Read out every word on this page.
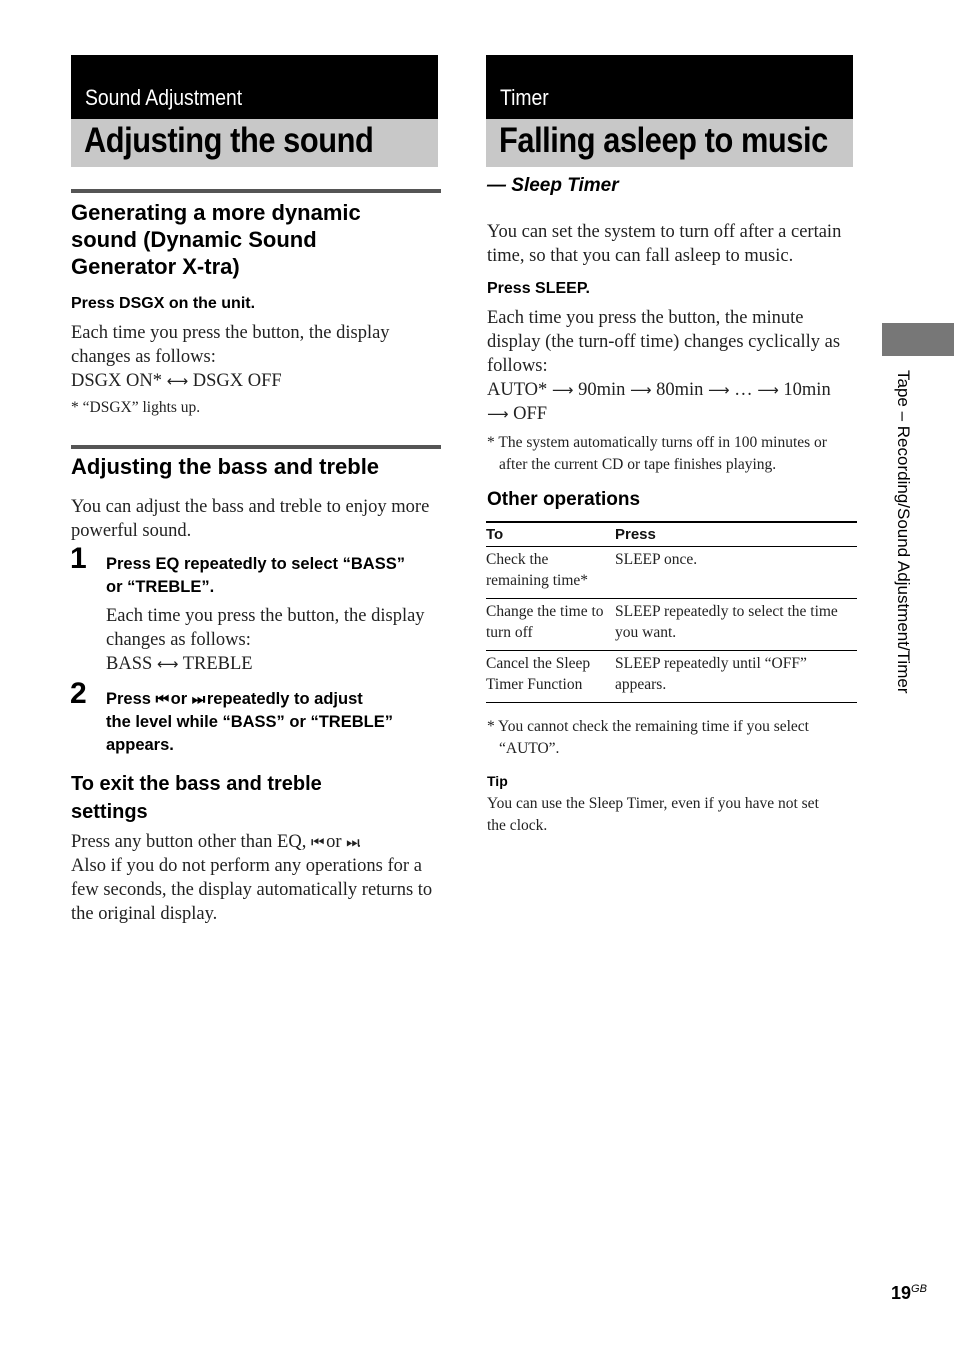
Sound Adjustment
Adjusting the sound
Generating a more dynamic
sound (Dynamic Sound
Generator X-tra)
Press DSGX on the unit.
Each time you press the button, the display
changes as follows:
DSGX ON* ⟷ DSGX OFF
* “DSGX” lights up.
Adjusting the bass and treble
You can adjust the bass and treble to enjoy more
powerful sound.
1 Press EQ repeatedly to select “BASS”
or “TREBLE”.
Each time you press the button, the display
changes as follows:
BASS ⟷ TREBLE
2 Press ⏮ or ⏭ repeatedly to adjust
the level while “BASS” or “TREBLE”
appears.
To exit the bass and treble
settings
Press any button other than EQ, ⏮ or ⏭.
Also if you do not perform any operations for a
few seconds, the display automatically returns to
the original display.
Timer
Falling asleep to music
— Sleep Timer
You can set the system to turn off after a certain
time, so that you can fall asleep to music.
Press SLEEP.
Each time you press the button, the minute
display (the turn-off time) changes cyclically as
follows:
AUTO* ⟶ 90min ⟶ 80min ⟶ … ⟶ 10min
⟶ OFF
* The system automatically turns off in 100 minutes or
after the current CD or tape finishes playing.
Other operations
To	Press
Check the remaining time*	SLEEP once.
Change the time to turn off	SLEEP repeatedly to select the time you want.
Cancel the Sleep Timer Function	SLEEP repeatedly until “OFF” appears.
* You cannot check the remaining time if you select
“AUTO”.
Tip
You can use the Sleep Timer, even if you have not set
the clock.
Tape – Recording/Sound Adjustment/Timer
$19^{GB}$
